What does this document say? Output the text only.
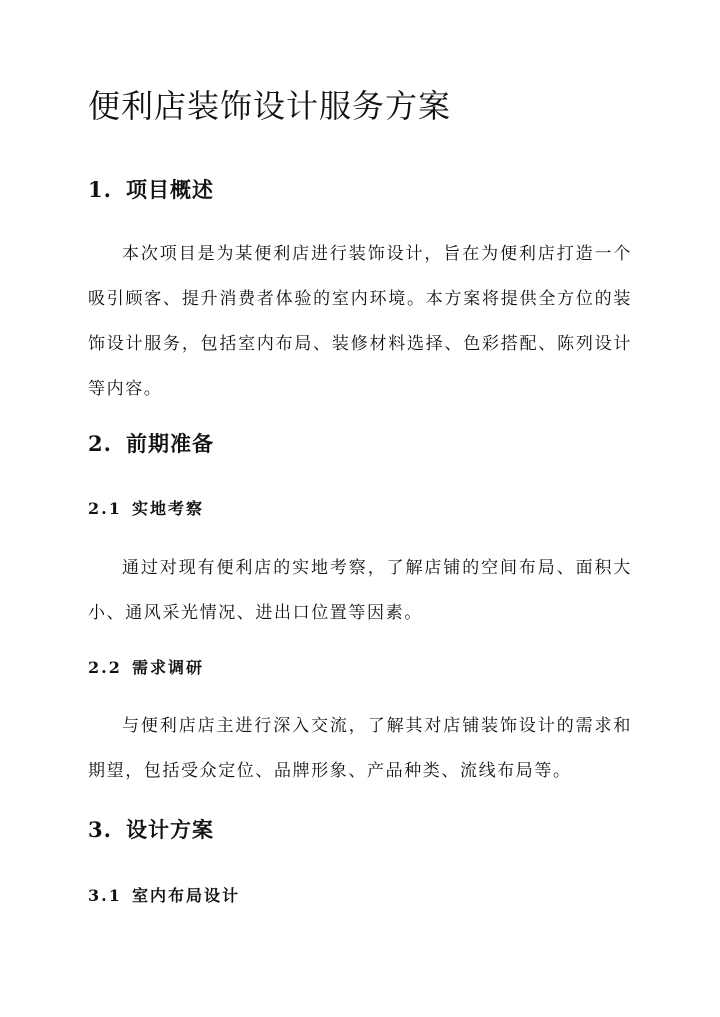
便利店装饰设计服务方案
1. 项目概述

本次项目是为某便利店进行装饰设计，旨在为便利店打造一个吸引顾客、提升消费者体验的室内环境。本方案将提供全方位的装饰设计服务，包括室内布局、装修材料选择、色彩搭配、陈列设计等内容。

2. 前期准备
2.1 实地考察

通过对现有便利店的实地考察，了解店铺的空间布局、面积大小、通风采光情况、进出口位置等因素。

2.2 需求调研

与便利店店主进行深入交流，了解其对店铺装饰设计的需求和期望，包括受众定位、品牌形象、产品种类、流线布局等。

3. 设计方案
3.1 室内布局设计
